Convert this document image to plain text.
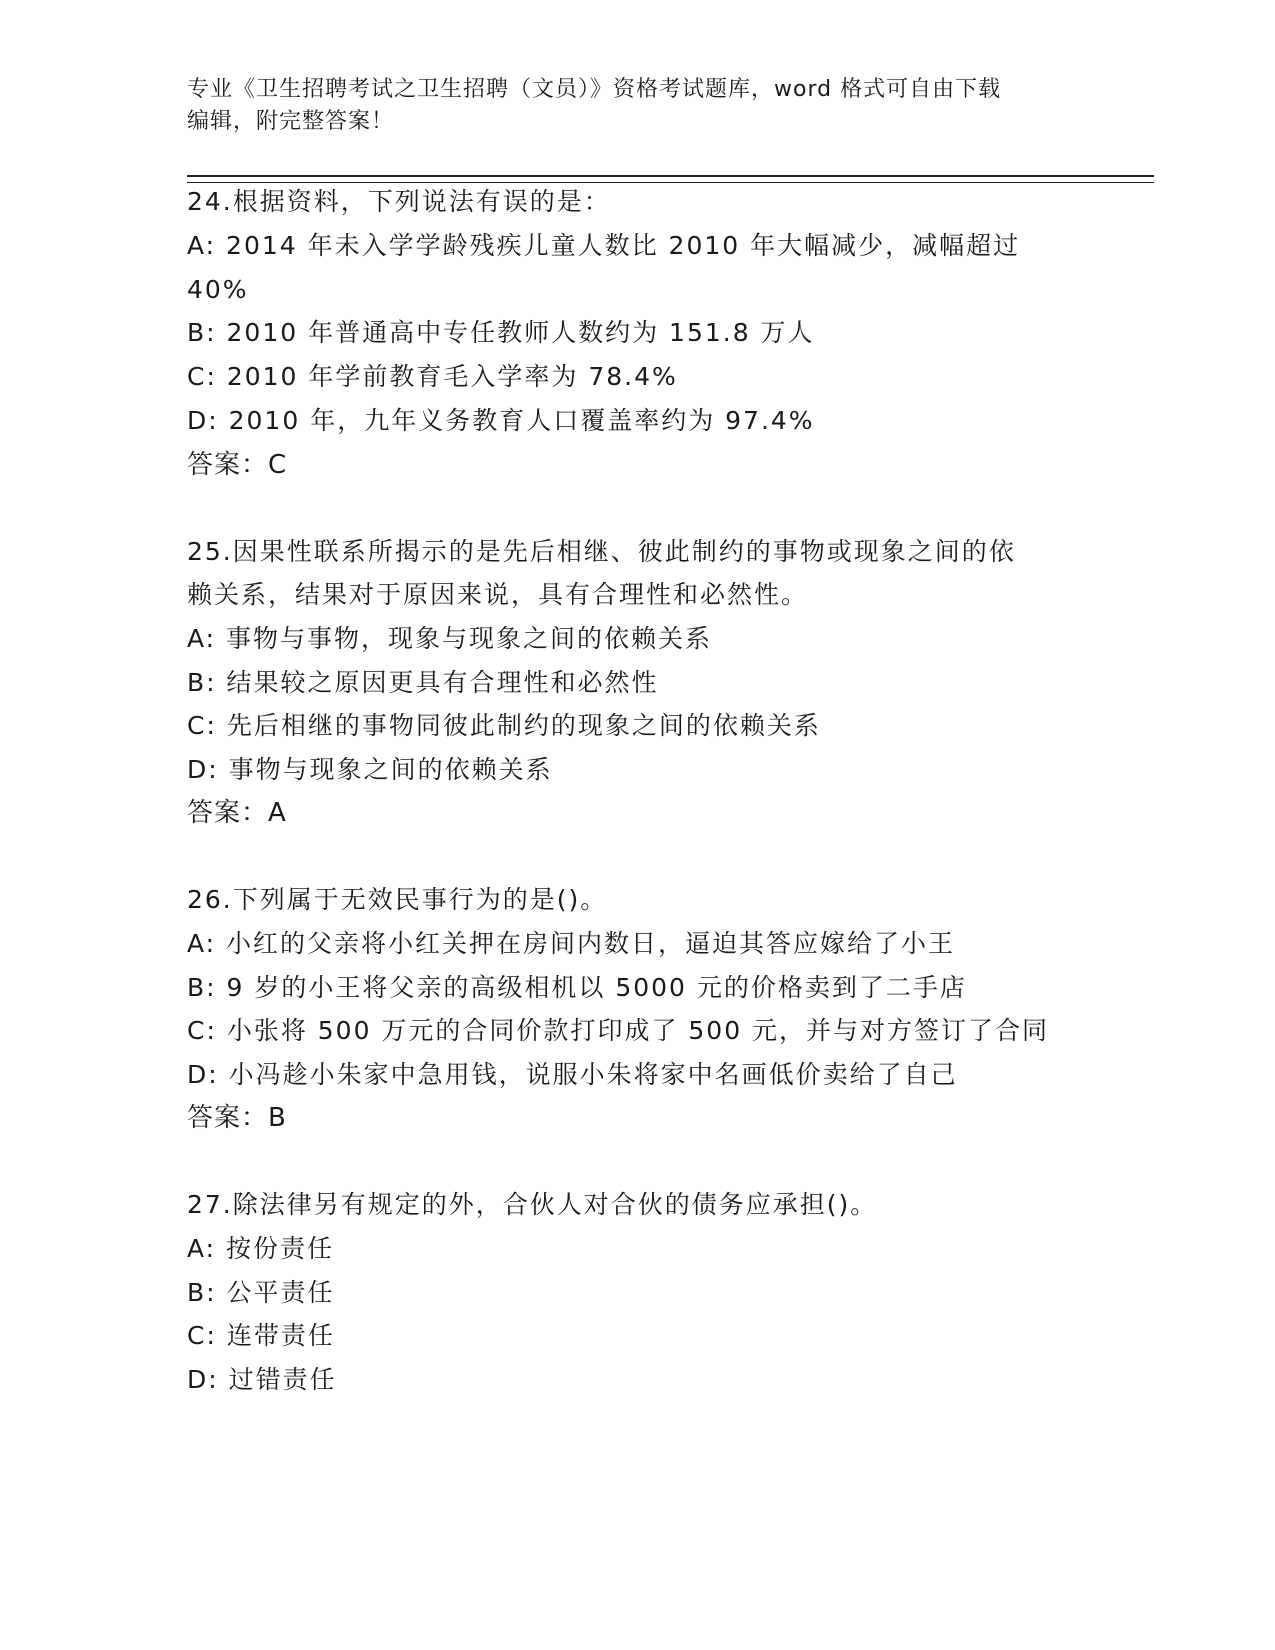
专业《卫生招聘考试之卫生招聘（文员）》资格考试题库，word 格式可自由下载
编辑，附完整答案！
24.根据资料，下列说法有误的是：
A: 2014 年未入学学龄残疾儿童人数比 2010 年大幅减少，减幅超过
40%
B: 2010 年普通高中专任教师人数约为 151.8 万人
C: 2010 年学前教育毛入学率为 78.4%
D: 2010 年，九年义务教育人口覆盖率约为 97.4%
答案：C
25.因果性联系所揭示的是先后相继、彼此制约的事物或现象之间的依
赖关系，结果对于原因来说，具有合理性和必然性。
A: 事物与事物，现象与现象之间的依赖关系
B: 结果较之原因更具有合理性和必然性
C: 先后相继的事物同彼此制约的现象之间的依赖关系
D: 事物与现象之间的依赖关系
答案：A
26.下列属于无效民事行为的是()。
A: 小红的父亲将小红关押在房间内数日，逼迫其答应嫁给了小王
B: 9 岁的小王将父亲的高级相机以 5000 元的价格卖到了二手店
C: 小张将 500 万元的合同价款打印成了 500 元，并与对方签订了合同
D: 小冯趁小朱家中急用钱，说服小朱将家中名画低价卖给了自己
答案：B
27.除法律另有规定的外，合伙人对合伙的债务应承担()。
A: 按份责任
B: 公平责任
C: 连带责任
D: 过错责任
